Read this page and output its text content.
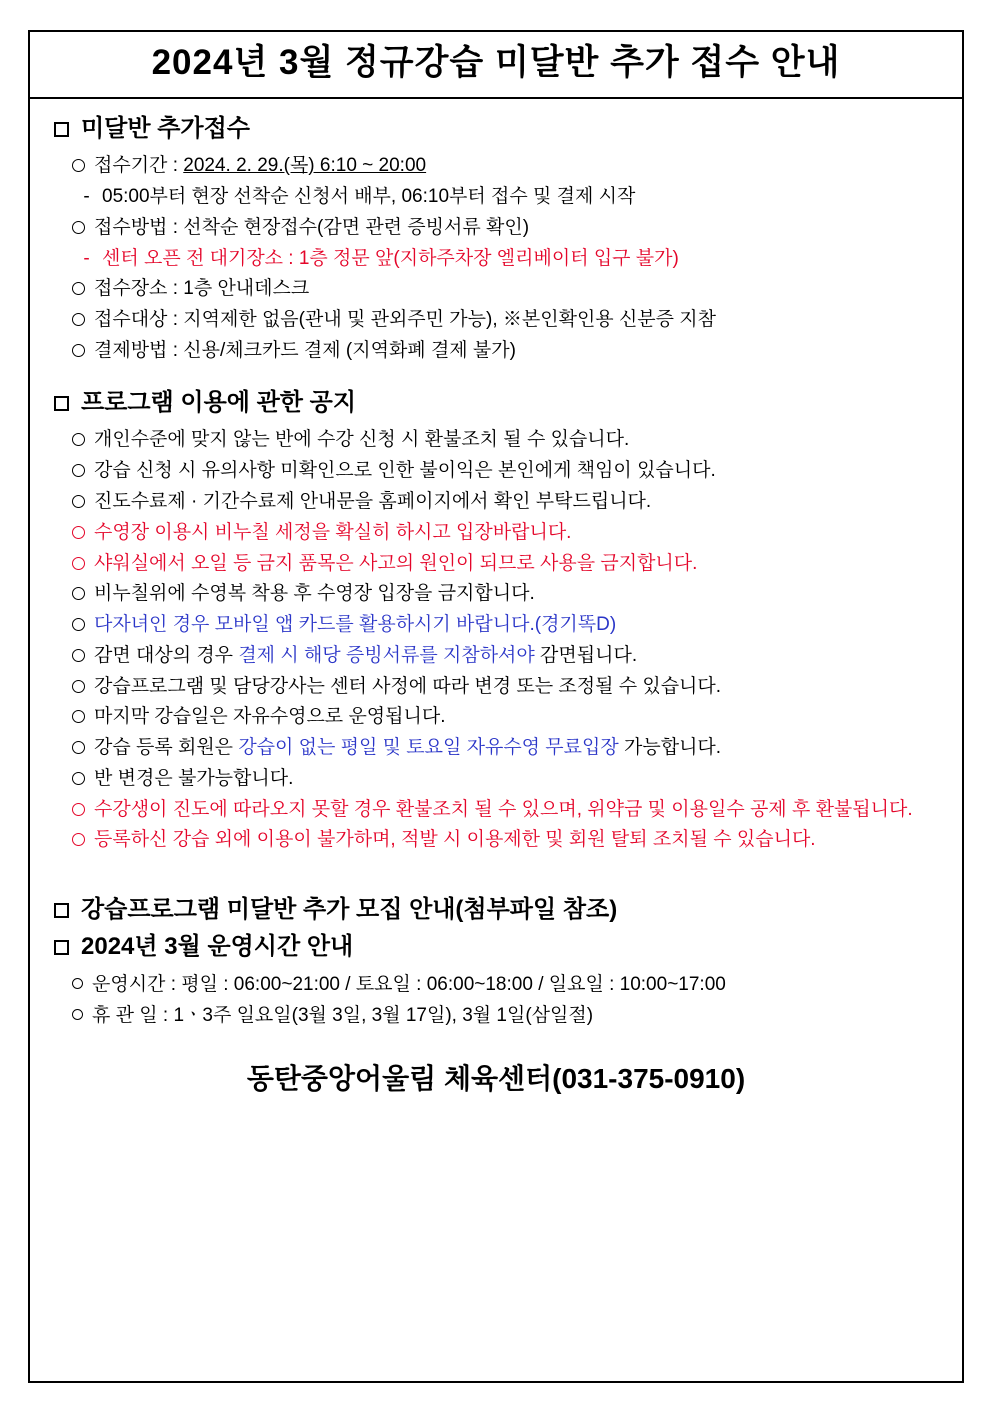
2024년 3월 정규강습 미달반 추가 접수 안내
미달반 추가접수
접수기간 : 2024. 2. 29.(목) 6:10 ~ 20:00
- 05:00부터 현장 선착순 신청서 배부, 06:10부터 접수 및 결제 시작
접수방법 : 선착순 현장접수(감면 관련 증빙서류 확인)
- 센터 오픈 전 대기장소 : 1층 정문 앞(지하주차장 엘리베이터 입구 불가)
접수장소 : 1층 안내데스크
접수대상 : 지역제한 없음(관내 및 관외주민 가능), ※본인확인용 신분증 지참
결제방법 : 신용/체크카드 결제 (지역화폐 결제 불가)
프로그램 이용에 관한 공지
개인수준에 맞지 않는 반에 수강 신청 시 환불조치 될 수 있습니다.
강습 신청 시 유의사항 미확인으로 인한 불이익은 본인에게 책임이 있습니다.
진도수료제 · 기간수료제 안내문을 홈페이지에서 확인 부탁드립니다.
수영장 이용시 비누칠 세정을 확실히 하시고 입장바랍니다.
샤워실에서 오일 등 금지 품목은 사고의 원인이 되므로 사용을 금지합니다.
비누칠위에 수영복 착용 후 수영장 입장을 금지합니다.
다자녀인 경우 모바일 앱 카드를 활용하시기 바랍니다.(경기똑D)
감면 대상의 경우 결제 시 해당 증빙서류를 지참하셔야 감면됩니다.
강습프로그램 및 담당강사는 센터 사정에 따라 변경 또는 조정될 수 있습니다.
마지막 강습일은 자유수영으로 운영됩니다.
강습 등록 회원은 강습이 없는 평일 및 토요일 자유수영 무료입장 가능합니다.
반 변경은 불가능합니다.
수강생이 진도에 따라오지 못할 경우 환불조치 될 수 있으며, 위약금 및 이용일수 공제 후 환불됩니다.
등록하신 강습 외에 이용이 불가하며, 적발 시 이용제한 및 회원 탈퇴 조치될 수 있습니다.
강습프로그램 미달반 추가 모집 안내(첨부파일 참조)
2024년 3월 운영시간 안내
운영시간 : 평일 : 06:00~21:00 / 토요일 : 06:00~18:00 / 일요일 : 10:00~17:00
휴 관 일 : 1ㆍ3주 일요일(3월 3일, 3월 17일), 3월 1일(삼일절)
동탄중앙어울림 체육센터(031-375-0910)
